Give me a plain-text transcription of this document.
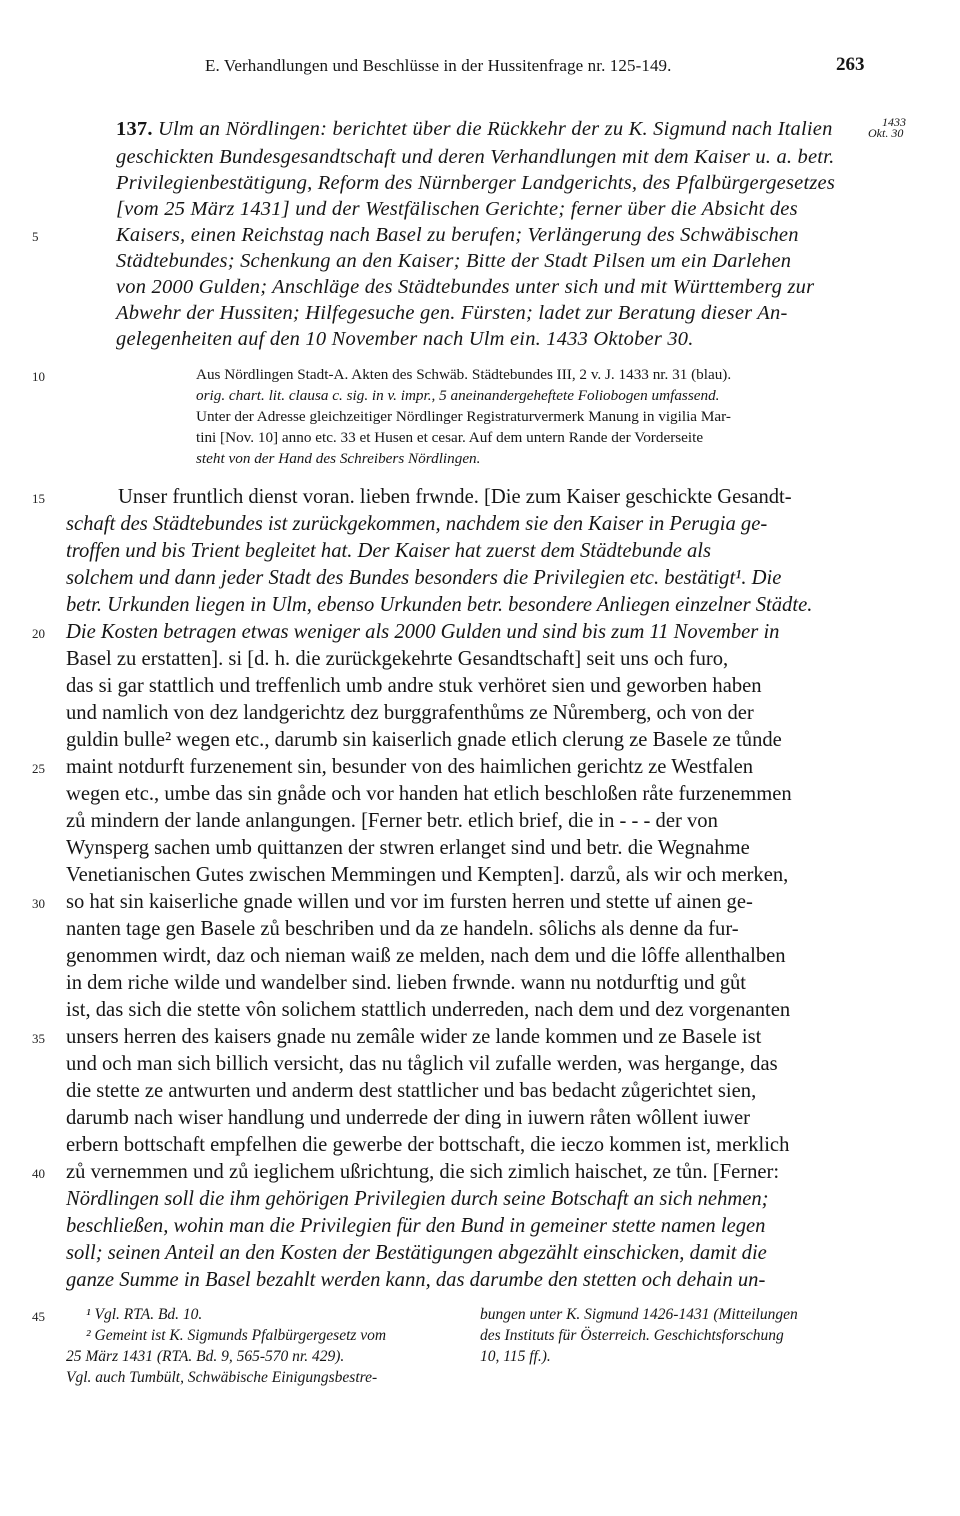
E. Verhandlungen und Beschlüsse in der Hussitenfrage nr. 125-149.	263
137. Ulm an Nördlingen: berichtet über die Rückkehr der zu K. Sigmund nach Italien	1433
Okt. 30
geschickten Bundesgesandtschaft und deren Verhandlungen mit dem Kaiser u. a. betr.
Privilegienbestätigung, Reform des Nürnberger Landgerichts, des Pfalbürgergesetzes
[vom 25 März 1431] und der Westfälischen Gerichte; ferner über die Absicht des
Kaisers, einen Reichstag nach Basel zu berufen; Verlängerung des Schwäbischen
Städtebundes; Schenkung an den Kaiser; Bitte der Stadt Pilsen um ein Darlehen
von 2000 Gulden; Anschläge des Städtebundes unter sich und mit Württemberg zur
Abwehr der Hussiten; Hilfegesuche gen. Fürsten; ladet zur Beratung dieser An-
gelegenheiten auf den 10 November nach Ulm ein. 1433 Oktober 30.
Aus Nördlingen Stadt-A. Akten des Schwäb. Städtebundes III, 2 v. J. 1433 nr. 31 (blau).
orig. chart. lit. clausa c. sig. in v. impr., 5 aneinandergeheftete Foliobogen umfassend.
Unter der Adresse gleichzeitiger Nördlinger Registraturvermerk Manung in vigilia Mar-
tini [Nov. 10] anno etc. 33 et Husen et cesar. Auf dem untern Rande der Vorderseite
steht von der Hand des Schreibers Nördlingen.
Unser fruntlich dienst voran. lieben frwnde. [Die zum Kaiser geschickte Gesandt-
schaft des Städtebundes ist zurückgekommen, nachdem sie den Kaiser in Perugia ge-
troffen und bis Trient begleitet hat. Der Kaiser hat zuerst dem Städtebunde als
solchem und dann jeder Stadt des Bundes besonders die Privilegien etc. bestätigt¹. Die
betr. Urkunden liegen in Ulm, ebenso Urkunden betr. besondere Anliegen einzelner Städte.
Die Kosten betragen etwas weniger als 2000 Gulden und sind bis zum 11 November in
Basel zu erstatten]. si [d. h. die zurückgekehrte Gesandtschaft] seit uns och furo,
das si gar stattlich und treffenlich umb andre stuk verhöret sien und geworben haben
und namlich von dez landgerichtz dez burggrafenthůms ze Nůremberg, och von der
guldin bulle² wegen etc., darumb sin kaiserlich gnade etlich clerung ze Basele ze tůnde
maint notdurft furzenement sin, besunder von des haimlichen gerichtz ze Westfalen
wegen etc., umbe das sin gnåde och vor handen hat etlich beschloßen råte furzenemmen
zů mindern der lande anlangungen. [Ferner betr. etlich brief, die in - - - der von
Wynsperg sachen umb quittanzen der stwren erlanget sind und betr. die Wegnahme
Venetianischen Gutes zwischen Memmingen und Kempten]. darzů, als wir och merken,
so hat sin kaiserliche gnade willen und vor im fursten herren und stette uf ainen ge-
nanten tage gen Basele zů beschriben und da ze handeln. sôlichs als denne da fur-
genommen wirdt, daz och nieman waiß ze melden, nach dem und die lôffe allenthalben
in dem riche wilde und wandelber sind. lieben frwnde. wann nu notdurftig und gůt
ist, das sich die stette vôn solichem stattlich underreden, nach dem und dez vorgenanten
unsers herren des kaisers gnade nu zemâle wider ze lande kommen und ze Basele ist
und och man sich billich versicht, das nu tåglich vil zufalle werden, was hergange, das
die stette ze antwurten und anderm dest stattlicher und bas bedacht zůgerichtet sien,
darumb nach wiser handlung und underrede der ding in iuwern råten wôllent iuwer
erbern bottschaft empfelhen die gewerbe der bottschaft, die ieczo kommen ist, merklich
zů vernemmen und zů ieglichem ußrichtung, die sich zimlich haischet, ze tůn. [Ferner:
Nördlingen soll die ihm gehörigen Privilegien durch seine Botschaft an sich nehmen;
beschließen, wohin man die Privilegien für den Bund in gemeiner stette namen legen
soll; seinen Anteil an den Kosten der Bestätigungen abgezählt einschicken, damit die
ganze Summe in Basel bezahlt werden kann, das darumbe den stetten och dehain un-
¹ Vgl. RTA. Bd. 10.
² Gemeint ist K. Sigmunds Pfalbürgergesetz vom
25 März 1431 (RTA. Bd. 9, 565-570 nr. 429).
Vgl. auch Tumbült, Schwäbische Einigungsbestre-
bungen unter K. Sigmund 1426-1431 (Mitteilungen
des Instituts für Österreich. Geschichtsforschung
10, 115 ff.).
5
10
15
20
25
30
35
40
45
